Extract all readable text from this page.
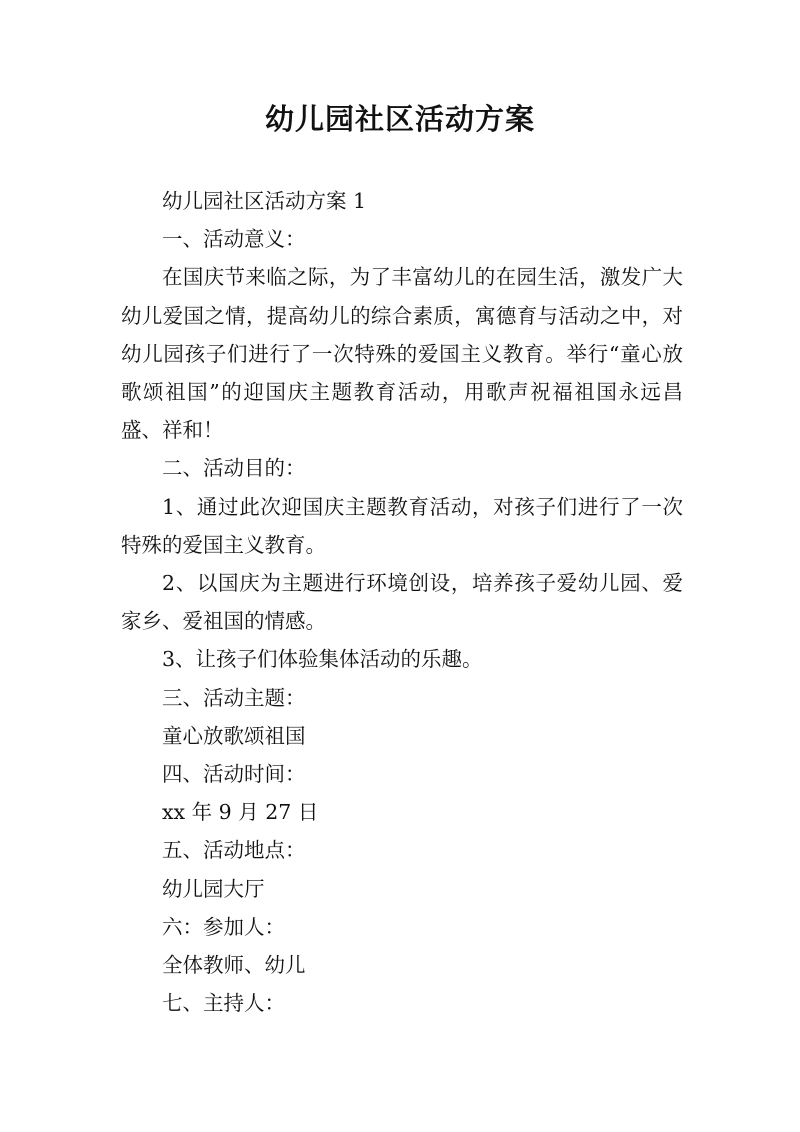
幼儿园社区活动方案

幼儿园社区活动方案 1

一、活动意义：

在国庆节来临之际，为了丰富幼儿的在园生活，激发广大幼儿爱国之情，提高幼儿的综合素质，寓德育与活动之中，对幼儿园孩子们进行了一次特殊的爱国主义教育。举行“童心放歌颂祖国”的迎国庆主题教育活动，用歌声祝福祖国永远昌盛、祥和！

二、活动目的：

1、通过此次迎国庆主题教育活动，对孩子们进行了一次特殊的爱国主义教育。

2、以国庆为主题进行环境创设，培养孩子爱幼儿园、爱家乡、爱祖国的情感。

3、让孩子们体验集体活动的乐趣。

三、活动主题：

童心放歌颂祖国

四、活动时间：

xx 年 9 月 27 日

五、活动地点：

幼儿园大厅

六：参加人：

全体教师、幼儿

七、主持人：
